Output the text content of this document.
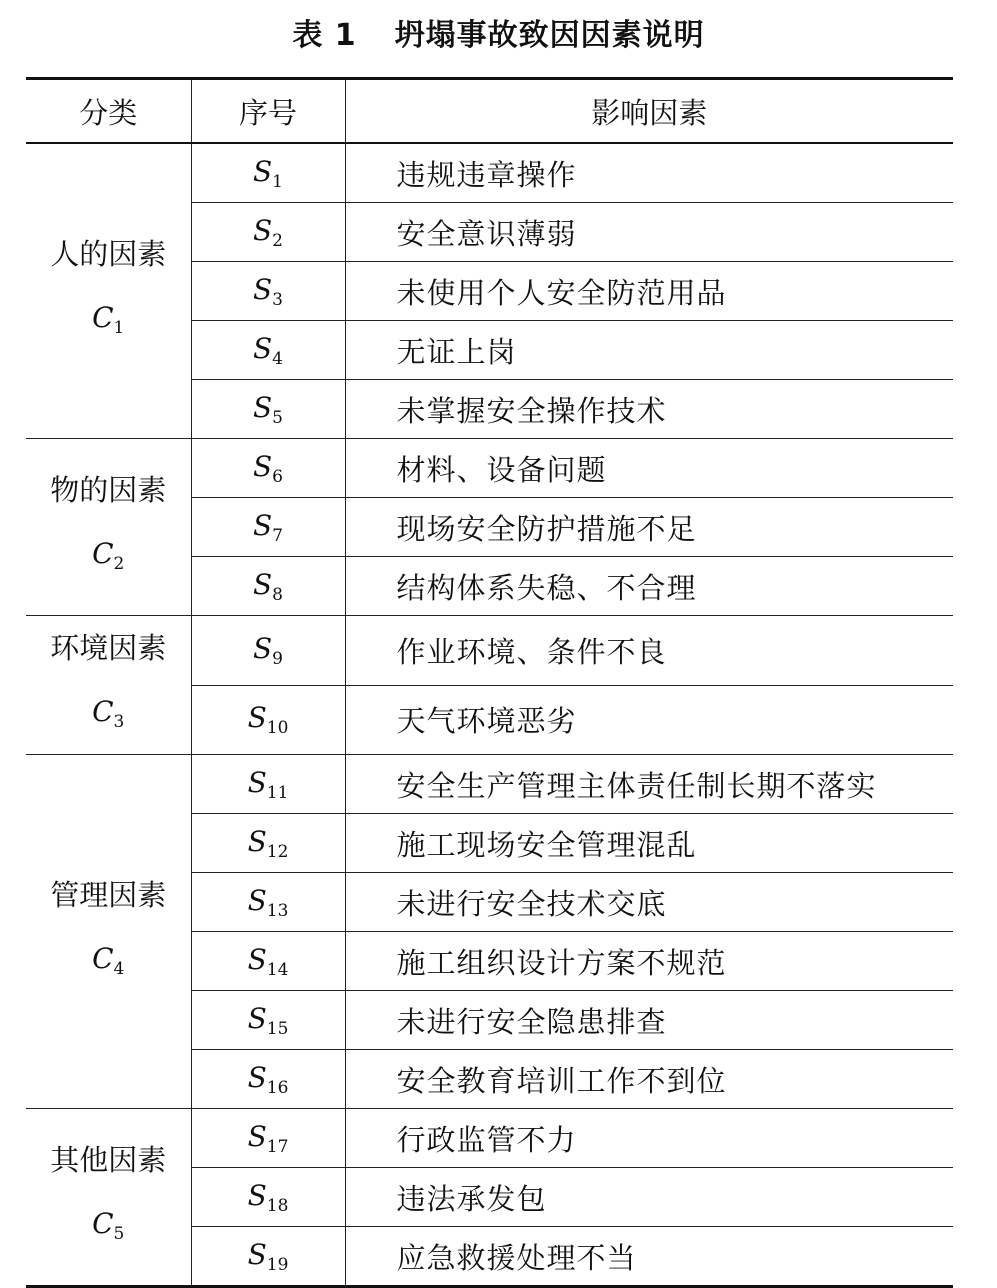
表 1 坍塌事故致因因素说明
分类	序号	影响因素

人的因素
$C_1$	$S_1$	违规违章操作
	$S_2$	安全意识薄弱
	$S_3$	未使用个人安全防范用品
	$S_4$	无证上岗
	$S_5$	未掌握安全操作技术

物的因素
$C_2$	$S_6$	材料、设备问题
	$S_7$	现场安全防护措施不足
	$S_8$	结构体系失稳、不合理

环境因素
$C_3$	$S_9$	作业环境、条件不良
	$S_{10}$	天气环境恶劣

管理因素
$C_4$	$S_{11}$	安全生产管理主体责任制长期不落实
	$S_{12}$	施工现场安全管理混乱
	$S_{13}$	未进行安全技术交底
	$S_{14}$	施工组织设计方案不规范
	$S_{15}$	未进行安全隐患排查
	$S_{16}$	安全教育培训工作不到位

其他因素
$C_5$	$S_{17}$	行政监管不力
	$S_{18}$	违法承发包
	$S_{19}$	应急救援处理不当
